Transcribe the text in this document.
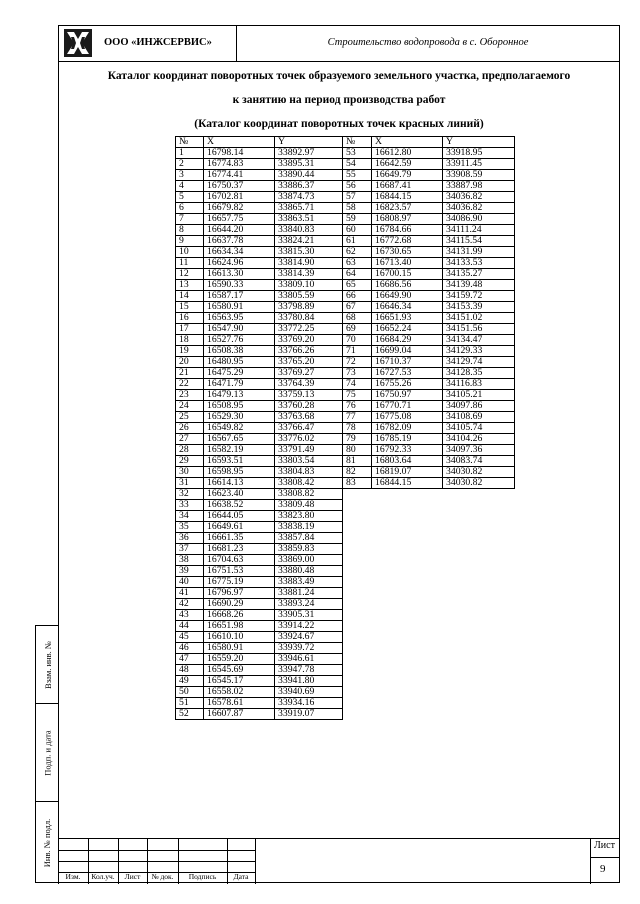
ООО «ИНЖСЕРВИС»	Строительство водопровода в с. Оборонное
Каталог координат поворотных точек образуемого земельного участка, предполагаемого
к занятию на период производства работ
(Каталог координат поворотных точек красных линий)
№	X	Y
1	16798.14	33892.97
2	16774.83	33895.31
3	16774.41	33890.44
4	16750.37	33886.37
5	16702.81	33874.73
6	16679.82	33865.71
7	16657.75	33863.51
8	16644.20	33840.83
9	16637.78	33824.21
10	16634.34	33815.30
11	16624.96	33814.90
12	16613.30	33814.39
13	16590.33	33809.10
14	16587.17	33805.59
15	16580.91	33798.89
16	16563.95	33780.84
17	16547.90	33772.25
18	16527.76	33769.20
19	16508.38	33766.26
20	16480.95	33765.20
21	16475.29	33769.27
22	16471.79	33764.39
23	16479.13	33759.13
24	16508.95	33760.28
25	16529.30	33763.68
26	16549.82	33766.47
27	16567.65	33776.02
28	16582.19	33791.49
29	16593.51	33803.54
30	16598.95	33804.83
31	16614.13	33808.42
32	16623.40	33808.82
33	16638.52	33809.48
34	16644.05	33823.80
35	16649.61	33838.19
36	16661.35	33857.84
37	16681.23	33859.83
38	16704.63	33869.00
39	16751.53	33880.48
40	16775.19	33883.49
41	16796.97	33881.24
42	16690.29	33893.24
43	16668.26	33905.31
44	16651.98	33914.22
45	16610.10	33924.67
46	16580.91	33939.72
47	16559.20	33946.61
48	16545.69	33947.78
49	16545.17	33941.80
50	16558.02	33940.69
51	16578.61	33934.16
52	16607.87	33919.07
№	X	Y
53	16612.80	33918.95
54	16642.59	33911.45
55	16649.79	33908.59
56	16687.41	33887.98
57	16844.15	34036.82
58	16823.57	34036.82
59	16808.97	34086.90
60	16784.66	34111.24
61	16772.68	34115.54
62	16730.65	34131.99
63	16713.40	34133.53
64	16700.15	34135.27
65	16686.56	34139.48
66	16649.90	34159.72
67	16646.34	34153.39
68	16651.93	34151.02
69	16652.24	34151.56
70	16684.29	34134.47
71	16699.04	34129.33
72	16710.37	34129.74
73	16727.53	34128.35
74	16755.26	34116.83
75	16750.97	34105.21
76	16770.71	34097.86
77	16775.08	34108.69
78	16782.09	34105.74
79	16785.19	34104.26
80	16792.33	34097.36
81	16803.64	34083.74
82	16819.07	34030.82
83	16844.15	34030.82
Взам. инв. №
Подп. и дата
Инв. № подл.
Изм.	Кол.уч.	Лист	№ док.	Подпись	Дата
Лист
9
